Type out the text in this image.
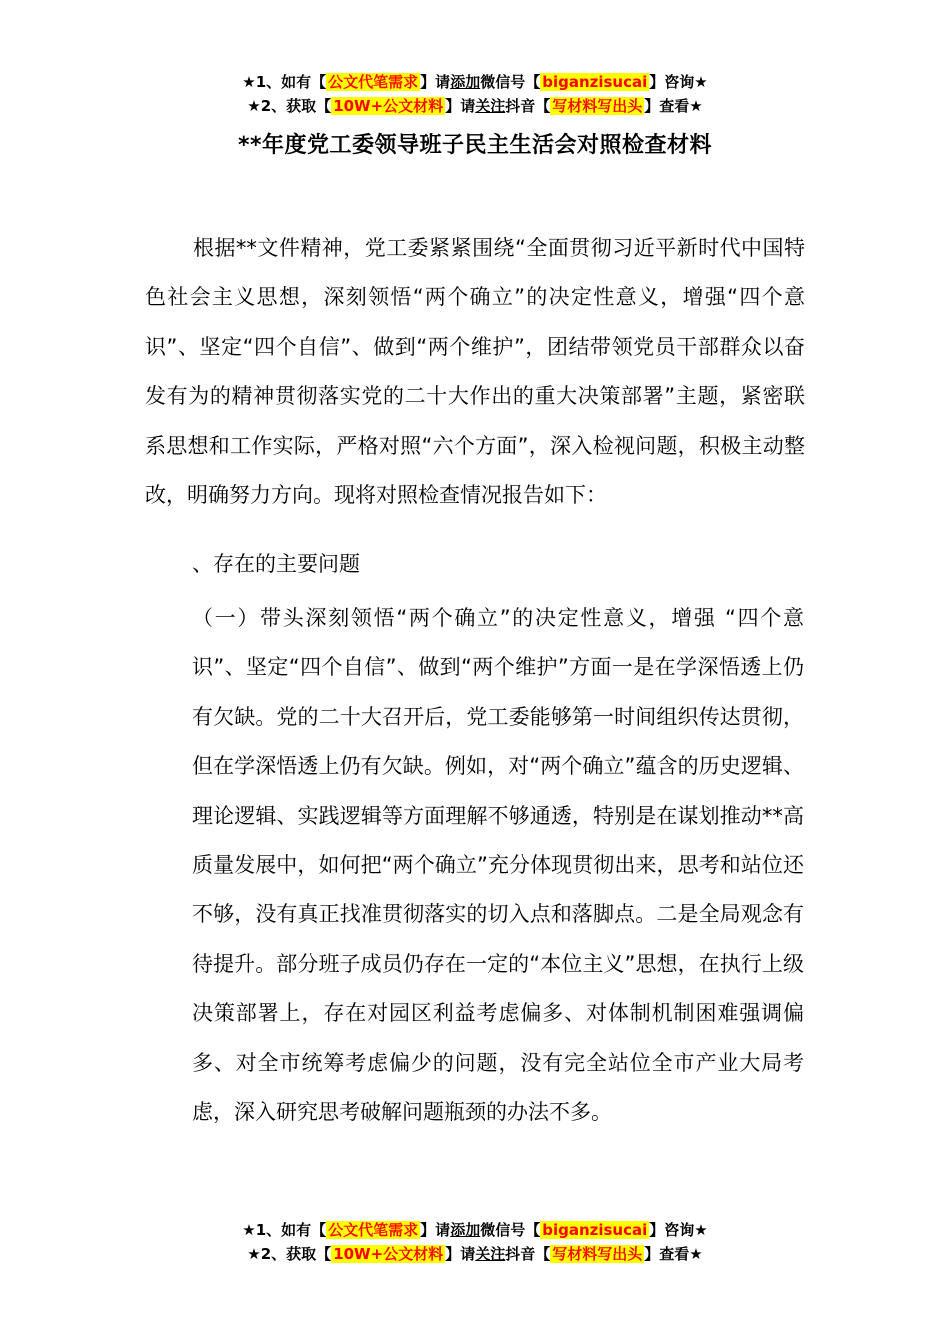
★1、如有【 公文代笔需求 】请添加微信号【 biganzisucai 】咨询★
★2、获取【 10W+公文材料 】请关注抖音【 写材料写出头 】查看★
**年度党工委领导班子民主生活会对照检查材料

根据**文件精神，党工委紧紧围绕“全面贯彻习近平新时代中国特色社会主义思想，深刻领悟“两个确立”的决定性意义，增强“四个意识”、坚定“四个自信”、做到“两个维护”，团结带领党员干部群众以奋发有为的精神贯彻落实党的二十大作出的重大决策部署”主题，紧密联系思想和工作实际，严格对照“六个方面”，深入检视问题，积极主动整改，明确努力方向。现将对照检查情况报告如下：

、存在的主要问题

（一）带头深刻领悟“两个确立”的决定性意义，增强 “四个意识”、坚定“四个自信”、做到“两个维护”方面一是在学深悟透上仍有欠缺。党的二十大召开后，党工委能够第一时间组织传达贯彻，但在学深悟透上仍有欠缺。例如，对“两个确立”蕴含的历史逻辑、理论逻辑、实践逻辑等方面理解不够通透，特别是在谋划推动**高质量发展中，如何把“两个确立”充分体现贯彻出来，思考和站位还不够，没有真正找准贯彻落实的切入点和落脚点。二是全局观念有待提升。部分班子成员仍存在一定的“本位主义”思想，在执行上级决策部署上，存在对园区利益考虑偏多、对体制机制困难强调偏多、对全市统筹考虑偏少的问题，没有完全站位全市产业大局考虑，深入研究思考破解问题瓶颈的办法不多。

★1、如有【 公文代笔需求 】请添加微信号【 biganzisucai 】咨询★
★2、获取【 10W+公文材料 】请关注抖音【 写材料写出头 】查看★
